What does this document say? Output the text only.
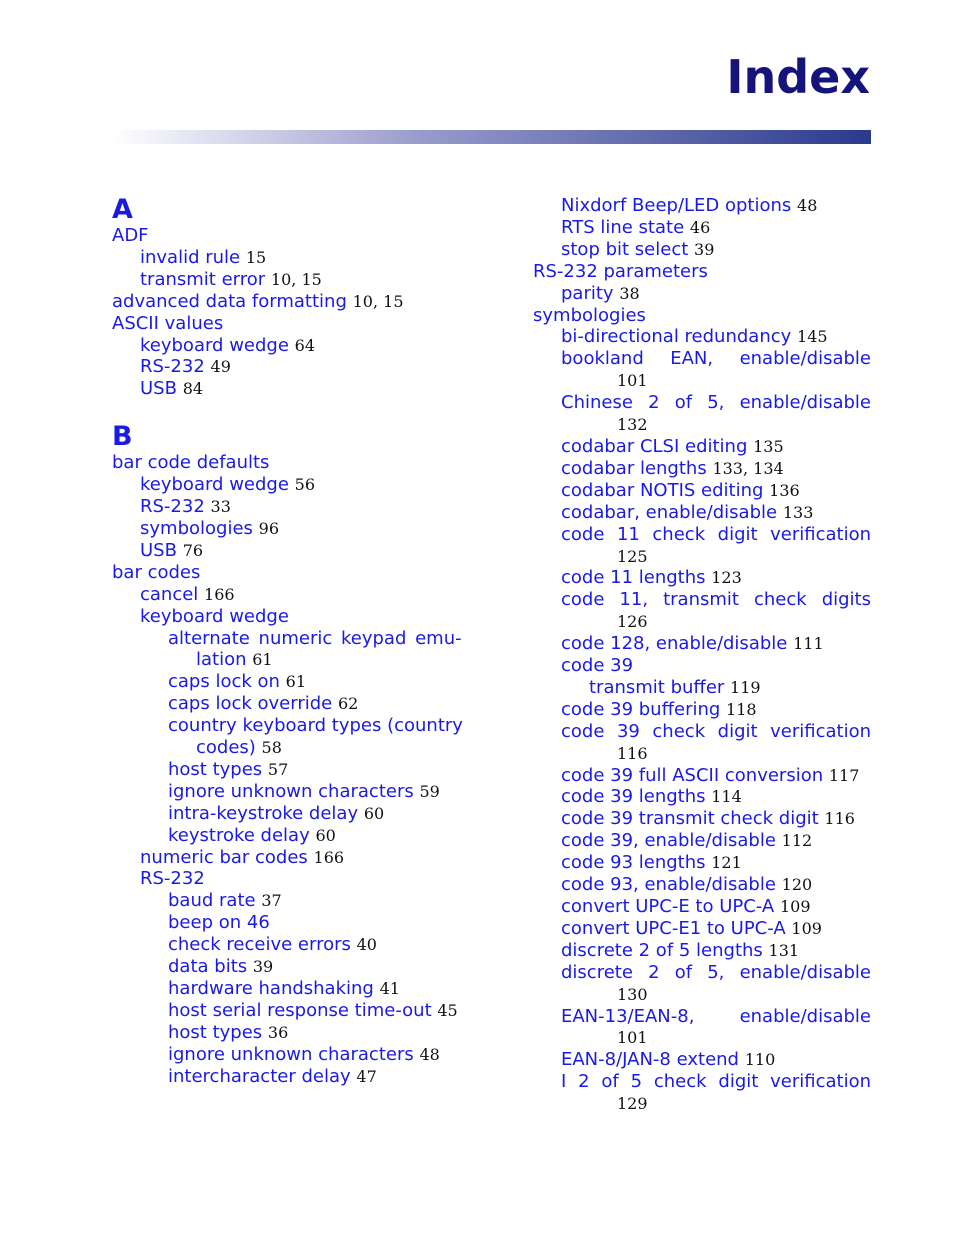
Index
A
ADF
invalid rule 15
transmit error 10, 15
advanced data formatting 10, 15
ASCII values
keyboard wedge 64
RS-232 49
USB 84
B
bar code defaults
keyboard wedge 56
RS-232 33
symbologies 96
USB 76
bar codes
cancel 166
keyboard wedge
alternate numeric keypad emu-
lation 61
caps lock on 61
caps lock override 62
country keyboard types (country
codes) 58
host types 57
ignore unknown characters 59
intra-keystroke delay 60
keystroke delay 60
numeric bar codes 166
RS-232
baud rate 37
beep on 46
check receive errors 40
data bits 39
hardware handshaking 41
host serial response time-out 45
host types 36
ignore unknown characters 48
intercharacter delay 47
Nixdorf Beep/LED options 48
RTS line state 46
stop bit select 39
RS-232 parameters
parity 38
symbologies
bi-directional redundancy 145
bookland EAN, enable/disable
101
Chinese 2 of 5, enable/disable
132
codabar CLSI editing 135
codabar lengths 133, 134
codabar NOTIS editing 136
codabar, enable/disable 133
code 11 check digit verification
125
code 11 lengths 123
code 11, transmit check digits
126
code 128, enable/disable 111
code 39
transmit buffer 119
code 39 buffering 118
code 39 check digit verification
116
code 39 full ASCII conversion 117
code 39 lengths 114
code 39 transmit check digit 116
code 39, enable/disable 112
code 93 lengths 121
code 93, enable/disable 120
convert UPC-E to UPC-A 109
convert UPC-E1 to UPC-A 109
discrete 2 of 5 lengths 131
discrete 2 of 5, enable/disable
130
EAN-13/EAN-8, enable/disable
101
EAN-8/JAN-8 extend 110
I 2 of 5 check digit verification
129
